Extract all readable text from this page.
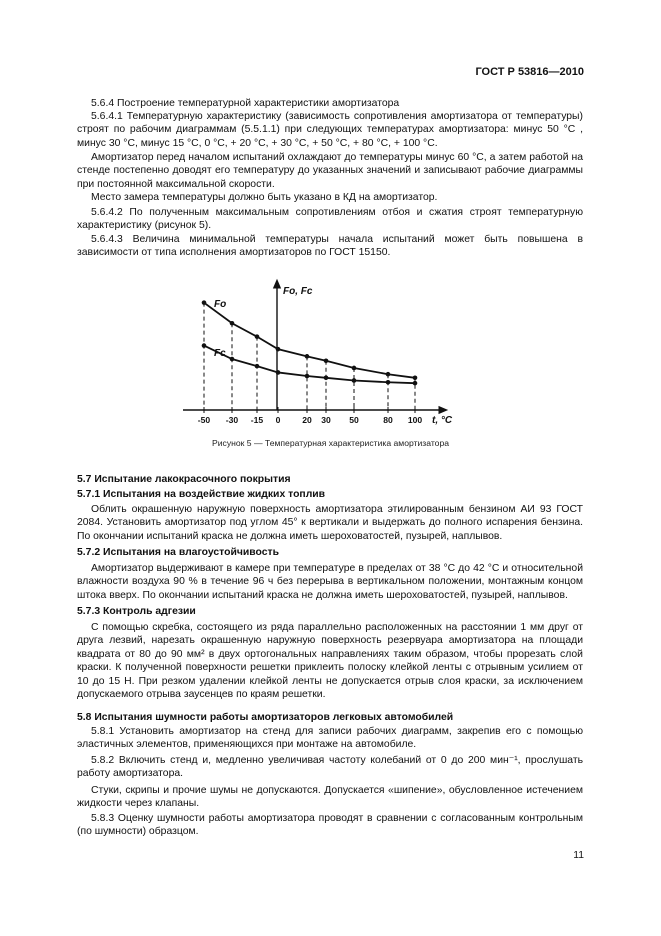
ГОСТ Р 53816—2010

5.6.4 Построение температурной характеристики амортизатора

5.6.4.1 Температурную характеристику (зависимость сопротивления амортизатора от температуры) строят по рабочим диаграммам (5.5.1.1) при следующих температурах амортизатора: минус 50 °С , минус 30 °С, минус 15 °С, 0 °С, + 20 °С, + 30 °С, + 50 °С, + 80 °С, + 100 °С.

Амортизатор перед началом испытаний охлаждают до температуры минус 60 °С, а затем работой на стенде постепенно доводят его температуру до указанных значений и записывают рабочие диаграммы при постоянной максимальной скорости.

Место замера температуры должно быть указано в КД на амортизатор.

5.6.4.2 По полученным максимальным сопротивлениям отбоя и сжатия строят температурную характеристику (рисунок 5).

5.6.4.3 Величина минимальной температуры начала испытаний может быть повышена в зависимости от типа исполнения амортизаторов по ГОСТ 15150.

-50 -30 -15 0	20 30 50	80 100
Fо, Fс
t, °C
Fо
Fс
Рисунок 5 — Температурная характеристика амортизатора

5.7 Испытание лакокрасочного покрытия

5.7.1 Испытания на воздействие жидких топлив

Облить окрашенную наружную поверхность амортизатора этилированным бензином АИ 93 ГОСТ 2084. Установить амортизатор под углом 45° к вертикали и выдержать до полного испарения бензина. По окончании испытаний краска не должна иметь шероховатостей, пузырей, наплывов.

5.7.2 Испытания на влагоустойчивость

Амортизатор выдерживают в камере при температуре в пределах от 38 °С до 42 °С и относительной влажности воздуха 90 % в течение 96 ч без перерыва в вертикальном положении, монтажным концом штока вверх. По окончании испытаний краска не должна иметь шероховатостей, пузырей, наплывов.

5.7.3 Контроль адгезии

С помощью скребка, состоящего из ряда параллельно расположенных на расстоянии 1 мм друг от друга лезвий, нарезать окрашенную наружную поверхность резервуара амортизатора на площади квадрата от 80 до 90 мм² в двух ортогональных направлениях таким образом, чтобы прорезать слой краски. К полученной поверхности решетки приклеить полоску клейкой ленты с отрывным усилием от 10 до 15 Н. При резком удалении клейкой ленты не допускается отрыв слоя краски, за исключением допускаемого отрыва заусенцев по краям решетки.

5.8 Испытания шумности работы амортизаторов легковых автомобилей

5.8.1 Установить амортизатор на стенд для записи рабочих диаграмм, закрепив его с помощью эластичных элементов, применяющихся при монтаже на автомобиле.

5.8.2 Включить стенд и, медленно увеличивая частоту колебаний от 0 до 200 мин⁻¹, прослушать работу амортизатора.

Стуки, скрипы и прочие шумы не допускаются. Допускается «шипение», обусловленное истечением жидкости через клапаны.

5.8.3 Оценку шумности работы амортизатора проводят в сравнении с согласованным контрольным (по шумности) образцом.

11
